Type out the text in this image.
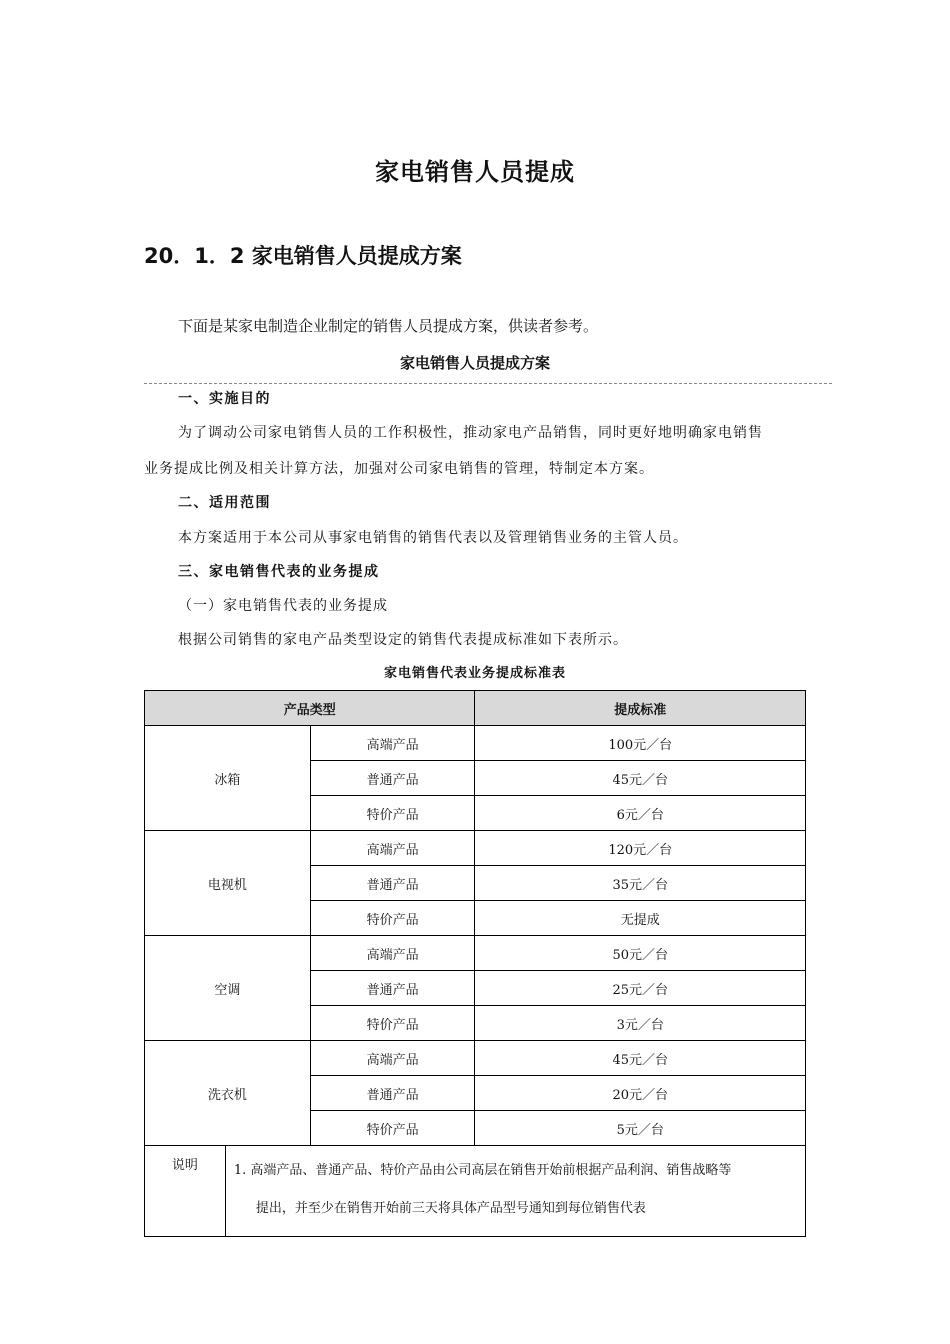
家电销售人员提成
20．1．2 家电销售人员提成方案
下面是某家电制造企业制定的销售人员提成方案，供读者参考。
家电销售人员提成方案
一、实施目的
为了调动公司家电销售人员的工作积极性，推动家电产品销售，同时更好地明确家电销售
业务提成比例及相关计算方法，加强对公司家电销售的管理，特制定本方案。
二、适用范围
本方案适用于本公司从事家电销售的销售代表以及管理销售业务的主管人员。
三、家电销售代表的业务提成
（一）家电销售代表的业务提成
根据公司销售的家电产品类型设定的销售代表提成标准如下表所示。
家电销售代表业务提成标准表
产品类型			提成标准
冰箱		高端产品	100元／台
		普通产品	45元／台
		特价产品	6元／台
电视机		高端产品	120元／台
		普通产品	35元／台
		特价产品	无提成
空调		高端产品	50元／台
		普通产品	25元／台
		特价产品	3元／台
洗衣机		高端产品	45元／台
		普通产品	20元／台
		特价产品	5元／台
说明	1. 高端产品、普通产品、特价产品由公司高层在销售开始前根据产品利润、销售战略等
提出，并至少在销售开始前三天将具体产品型号通知到每位销售代表		
